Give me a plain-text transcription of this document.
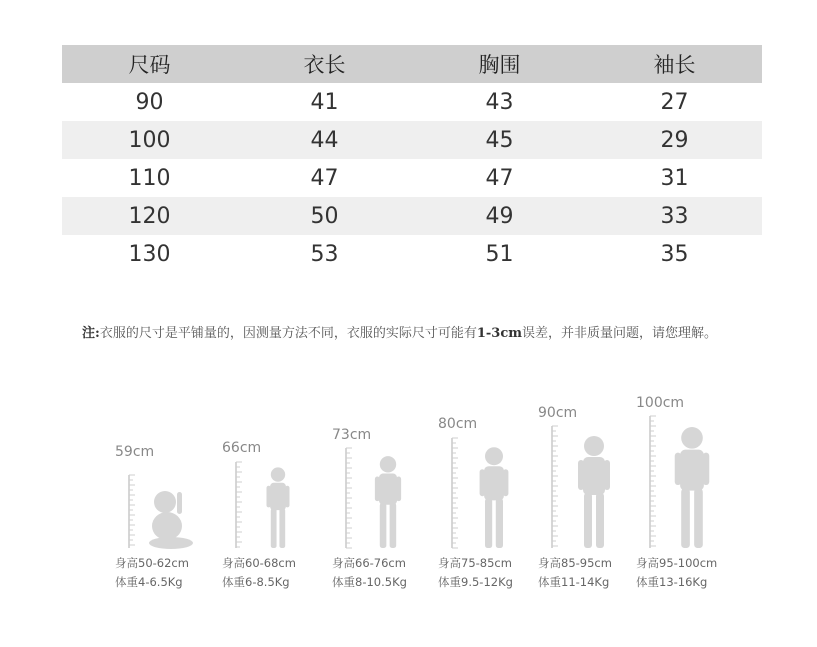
尺码	衣长	胸围	袖长
90	41	43	27
100	44	45	29
110	47	47	31
120	50	49	33
130	53	51	35
注:衣服的尺寸是平铺量的，因测量方法不同，衣服的实际尺寸可能有1-3cm误差，并非质量问题，请您理解。
59cm
身高50-62cm
体重4-6.5Kg
66cm
身高60-68cm
体重6-8.5Kg
73cm
身高66-76cm
体重8-10.5Kg
80cm
身高75-85cm
体重9.5-12Kg
90cm
身高85-95cm
体重11-14Kg
100cm
身高95-100cm
体重13-16Kg
